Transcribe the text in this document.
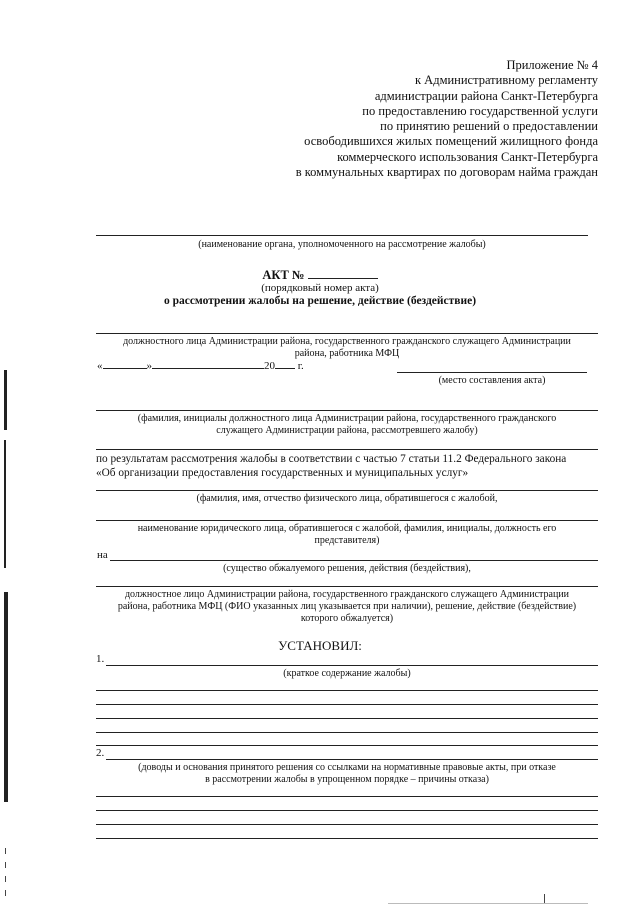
Приложение № 4
к Административному регламенту
администрации района Санкт-Петербурга
по предоставлению государственной услуги
по принятию решений о предоставлении
освободившихся жилых помещений жилищного фонда
коммерческого использования Санкт-Петербурга
в коммунальных квартирах по договорам найма граждан
(наименование органа, уполномоченного на рассмотрение жалобы)
АКТ №
(порядковый номер акта)
о рассмотрении жалобы на решение, действие (бездействие)
должностного лица Администрации района, государственного гражданского служащего Администрации
района, работника МФЦ
«	»	20 г.
(место составления акта)
(фамилия, инициалы должностного лица Администрации района, государственного гражданского
служащего Администрации района, рассмотревшего жалобу)
по результатам рассмотрения жалобы в соответствии с частью 7 статьи 11.2 Федерального закона
«Об организации предоставления государственных и муниципальных услуг»
(фамилия, имя, отчество физического лица, обратившегося с жалобой,
наименование юридического лица, обратившегося с жалобой, фамилия, инициалы, должность его
представителя)
на
(существо обжалуемого решения, действия (бездействия),
должностное лицо Администрации района, государственного гражданского служащего Администрации
района, работника МФЦ (ФИО указанных лиц указывается при наличии), решение, действие (бездействие)
которого обжалуется)
УСТАНОВИЛ:
1.
(краткое содержание жалобы)
2.
(доводы и основания принятого решения со ссылками на нормативные правовые акты, при отказе
в рассмотрении жалобы в упрощенном порядке – причины отказа)
